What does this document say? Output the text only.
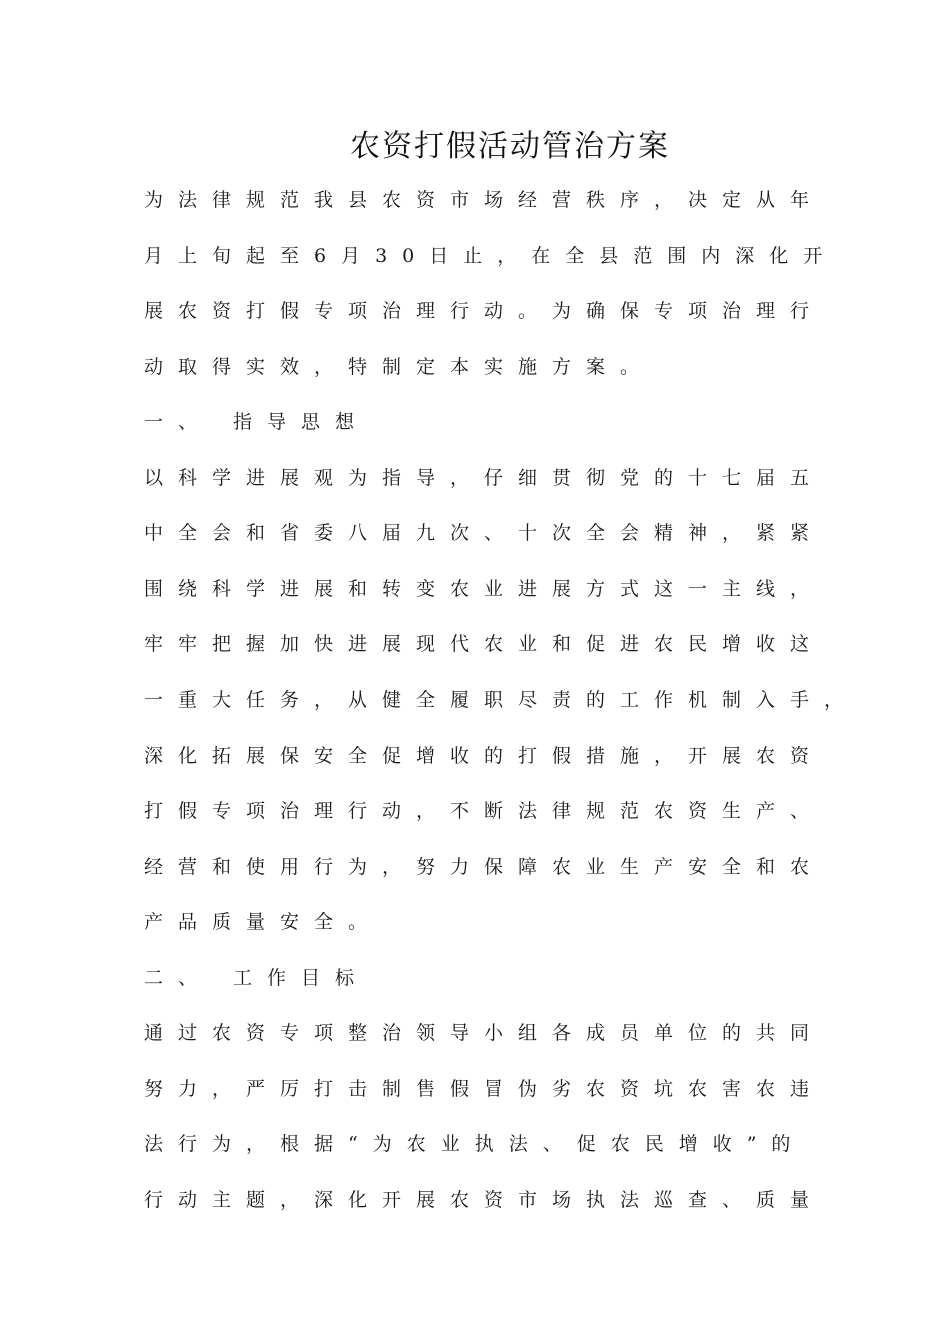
农资打假活动管治方案
为法律规范我县农资市场经营秩序，决定从年
月上旬起至6月30日止，在全县范围内深化开
展农资打假专项治理行动。为确保专项治理行
动取得实效，特制定本实施方案。
一、 指导思想
以科学进展观为指导，仔细贯彻党的十七届五
中全会和省委八届九次、十次全会精神，紧紧
围绕科学进展和转变农业进展方式这一主线，
牢牢把握加快进展现代农业和促进农民增收这
一重大任务，从健全履职尽责的工作机制入手，
深化拓展保安全促增收的打假措施，开展农资
打假专项治理行动，不断法律规范农资生产、
经营和使用行为，努力保障农业生产安全和农
产品质量安全。
二、 工作目标
通过农资专项整治领导小组各成员单位的共同
努力，严厉打击制售假冒伪劣农资坑农害农违
法行为，根据“为农业执法、促农民增收”的
行动主题，深化开展农资市场执法巡查、质量
